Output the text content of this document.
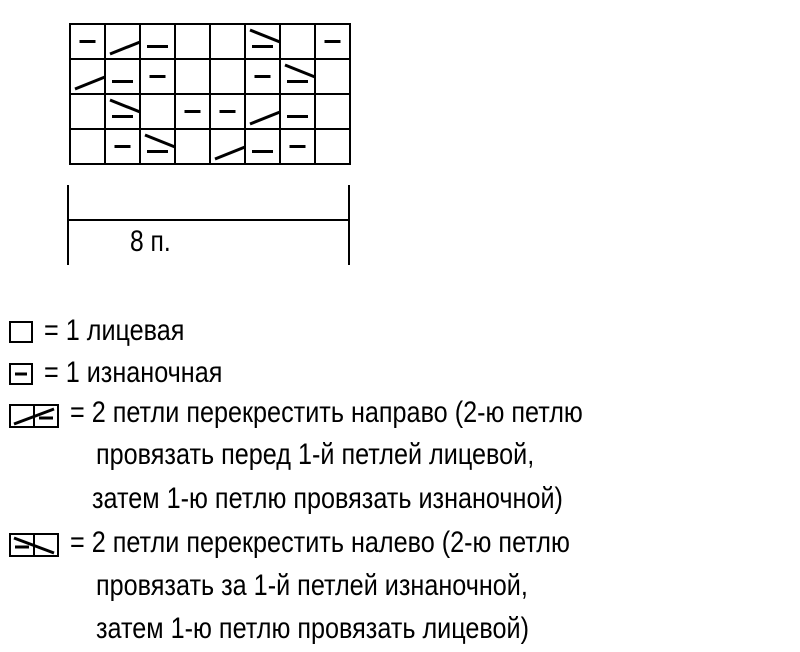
8 п.
= 1 лицевая
= 1 изнаночная
= 2 петли перекрестить направо (2-ю петлю
провязать перед 1-й петлей лицевой,
затем 1-ю петлю провязать изнаночной)
= 2 петли перекрестить налево (2-ю петлю
провязать за 1-й петлей изнаночной,
затем 1-ю петлю провязать лицевой)
